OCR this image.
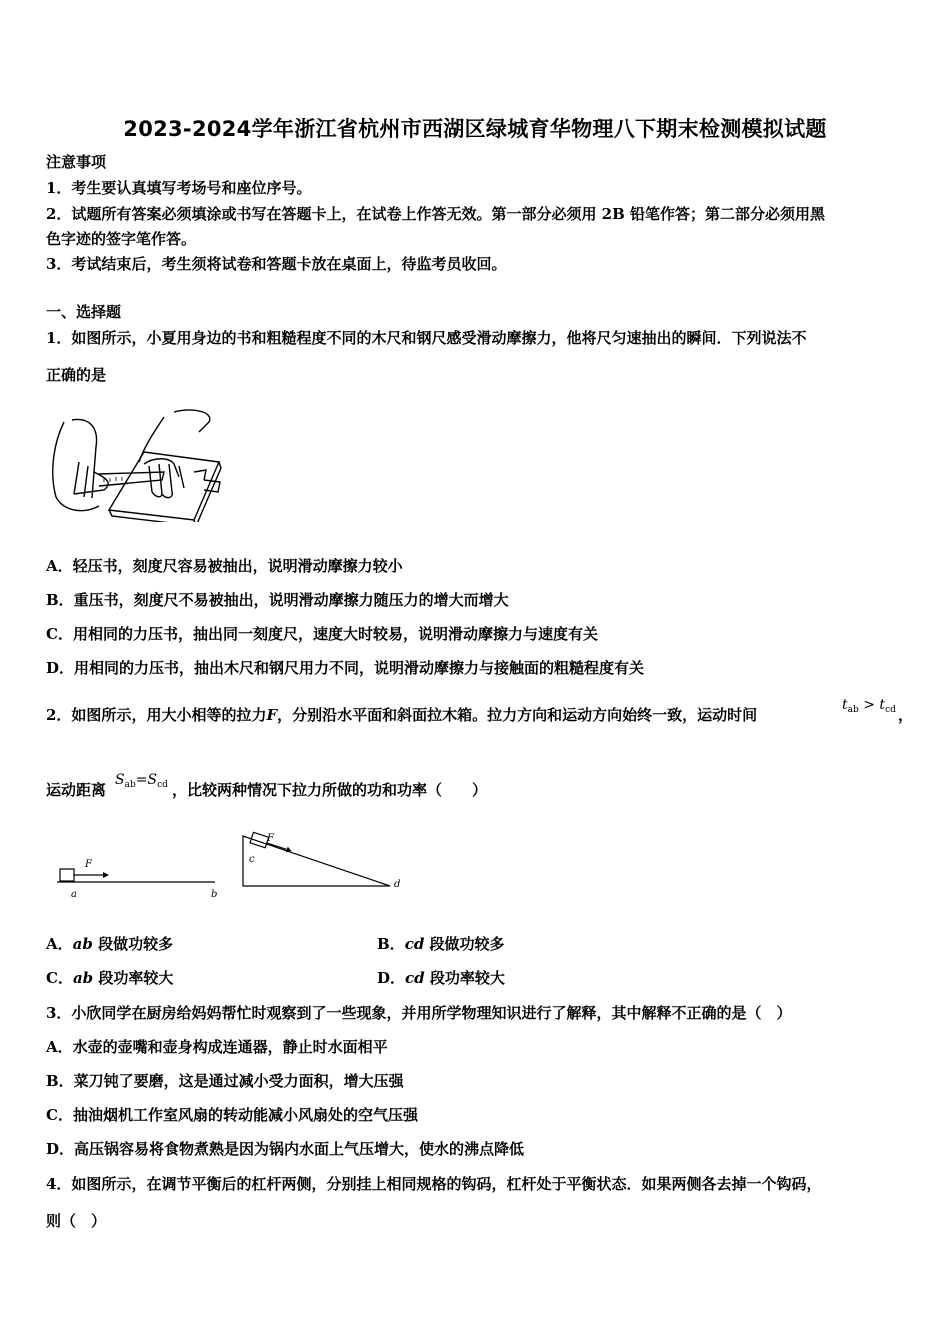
2023-2024学年浙江省杭州市西湖区绿城育华物理八下期末检测模拟试题
注意事项
1．考生要认真填写考场号和座位序号。
2．试题所有答案必须填涂或书写在答题卡上，在试卷上作答无效。第一部分必须用 2B 铅笔作答；第二部分必须用黑
色字迹的签字笔作答。
3．考试结束后，考生须将试卷和答题卡放在桌面上，待监考员收回。
一、选择题
1．如图所示，小夏用身边的书和粗糙程度不同的木尺和钢尺感受滑动摩擦力，他将尺匀速抽出的瞬间．下列说法不
正确的是
A．轻压书，刻度尺容易被抽出，说明滑动摩擦力较小
B．重压书，刻度尺不易被抽出，说明滑动摩擦力随压力的增大而增大
C．用相同的力压书，抽出同一刻度尺，速度大时较易，说明滑动摩擦力与速度有关
D．用相同的力压书，抽出木尺和钢尺用力不同，说明滑动摩擦力与接触面的粗糙程度有关
2．如图所示，用大小相等的拉力F，分别沿水平面和斜面拉木箱。拉力方向和运动方向始终一致，运动时间
$t_{ab} > t_{cd}$ ，
运动距离
$S_{ab}=S_{cd}$ ，比较两种情况下拉力所做的功和功率（　　）
F
a	b
F
c
d
A．ab 段做功较多	B．cd 段做功较多
C．ab 段功率较大	D．cd 段功率较大
3．小欣同学在厨房给妈妈帮忙时观察到了一些现象，并用所学物理知识进行了解释，其中解释不正确的是（　）
A．水壶的壶嘴和壶身构成连通器，静止时水面相平
B．菜刀钝了要磨，这是通过减小受力面积，增大压强
C．抽油烟机工作室风扇的转动能减小风扇处的空气压强
D．高压锅容易将食物煮熟是因为锅内水面上气压增大，使水的沸点降低
4．如图所示，在调节平衡后的杠杆两侧，分别挂上相同规格的钩码，杠杆处于平衡状态．如果两侧各去掉一个钩码，
则（　）
